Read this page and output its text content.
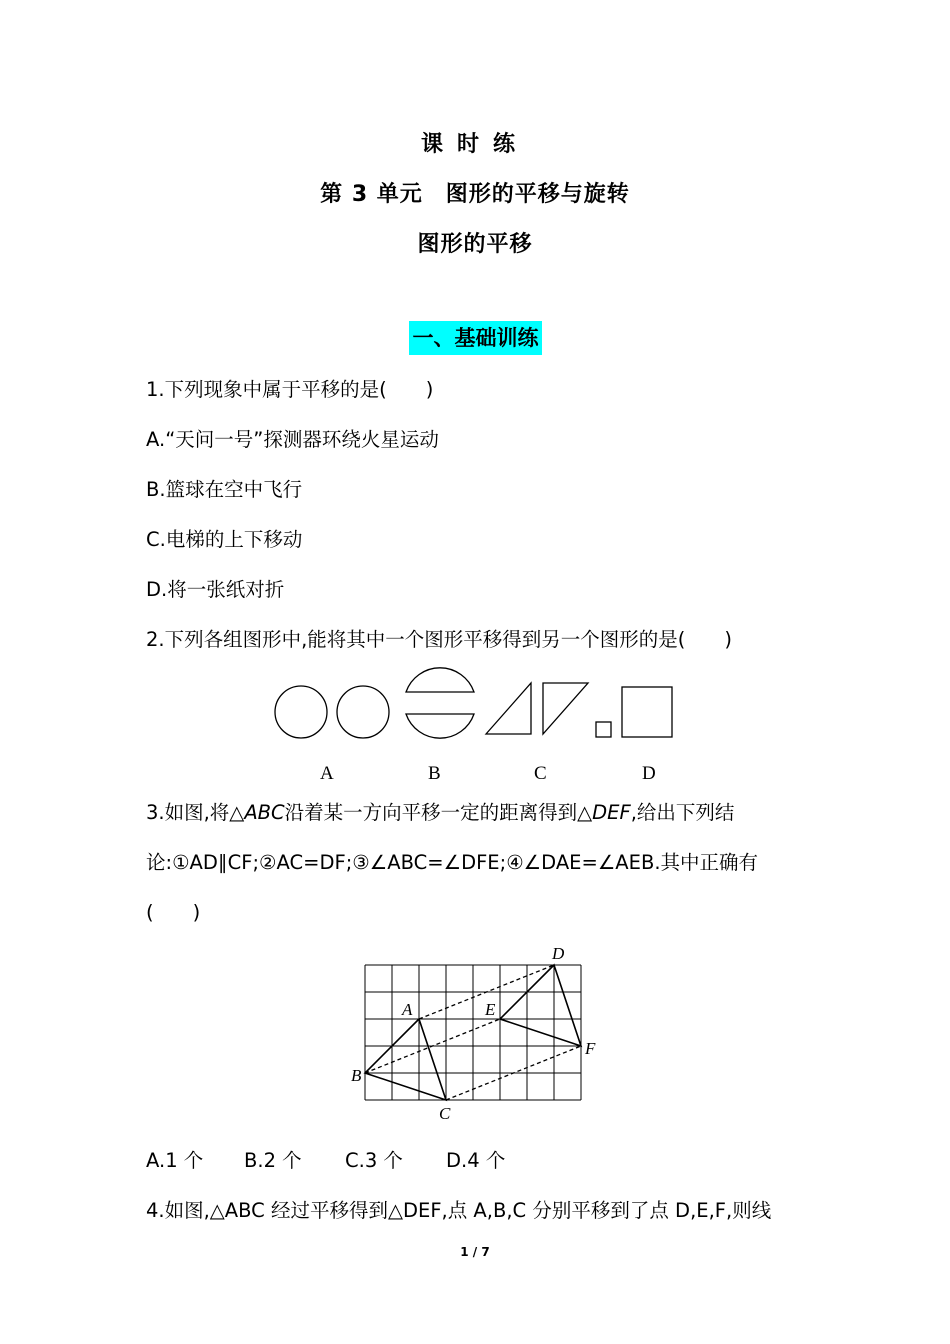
课时练
第 3 单元　图形的平移与旋转
图形的平移
一、基础训练
1.下列现象中属于平移的是(　　)
A.“天问一号”探测器环绕火星运动
B.篮球在空中飞行
C.电梯的上下移动
D.将一张纸对折
2.下列各组图形中,能将其中一个图形平移得到另一个图形的是(　　)
A	B	C	D
3.如图,将△ABC沿着某一方向平移一定的距离得到△DEF,给出下列结
论:①AD∥CF;②AC=DF;③∠ABC=∠DFE;④∠DAE=∠AEB.其中正确有
(　　)
A
B
C
D
E
F
A.1 个 B.2 个 C.3 个 D.4 个
4.如图,△ABC 经过平移得到△DEF,点 A,B,C 分别平移到了点 D,E,F,则线
1 / 7
